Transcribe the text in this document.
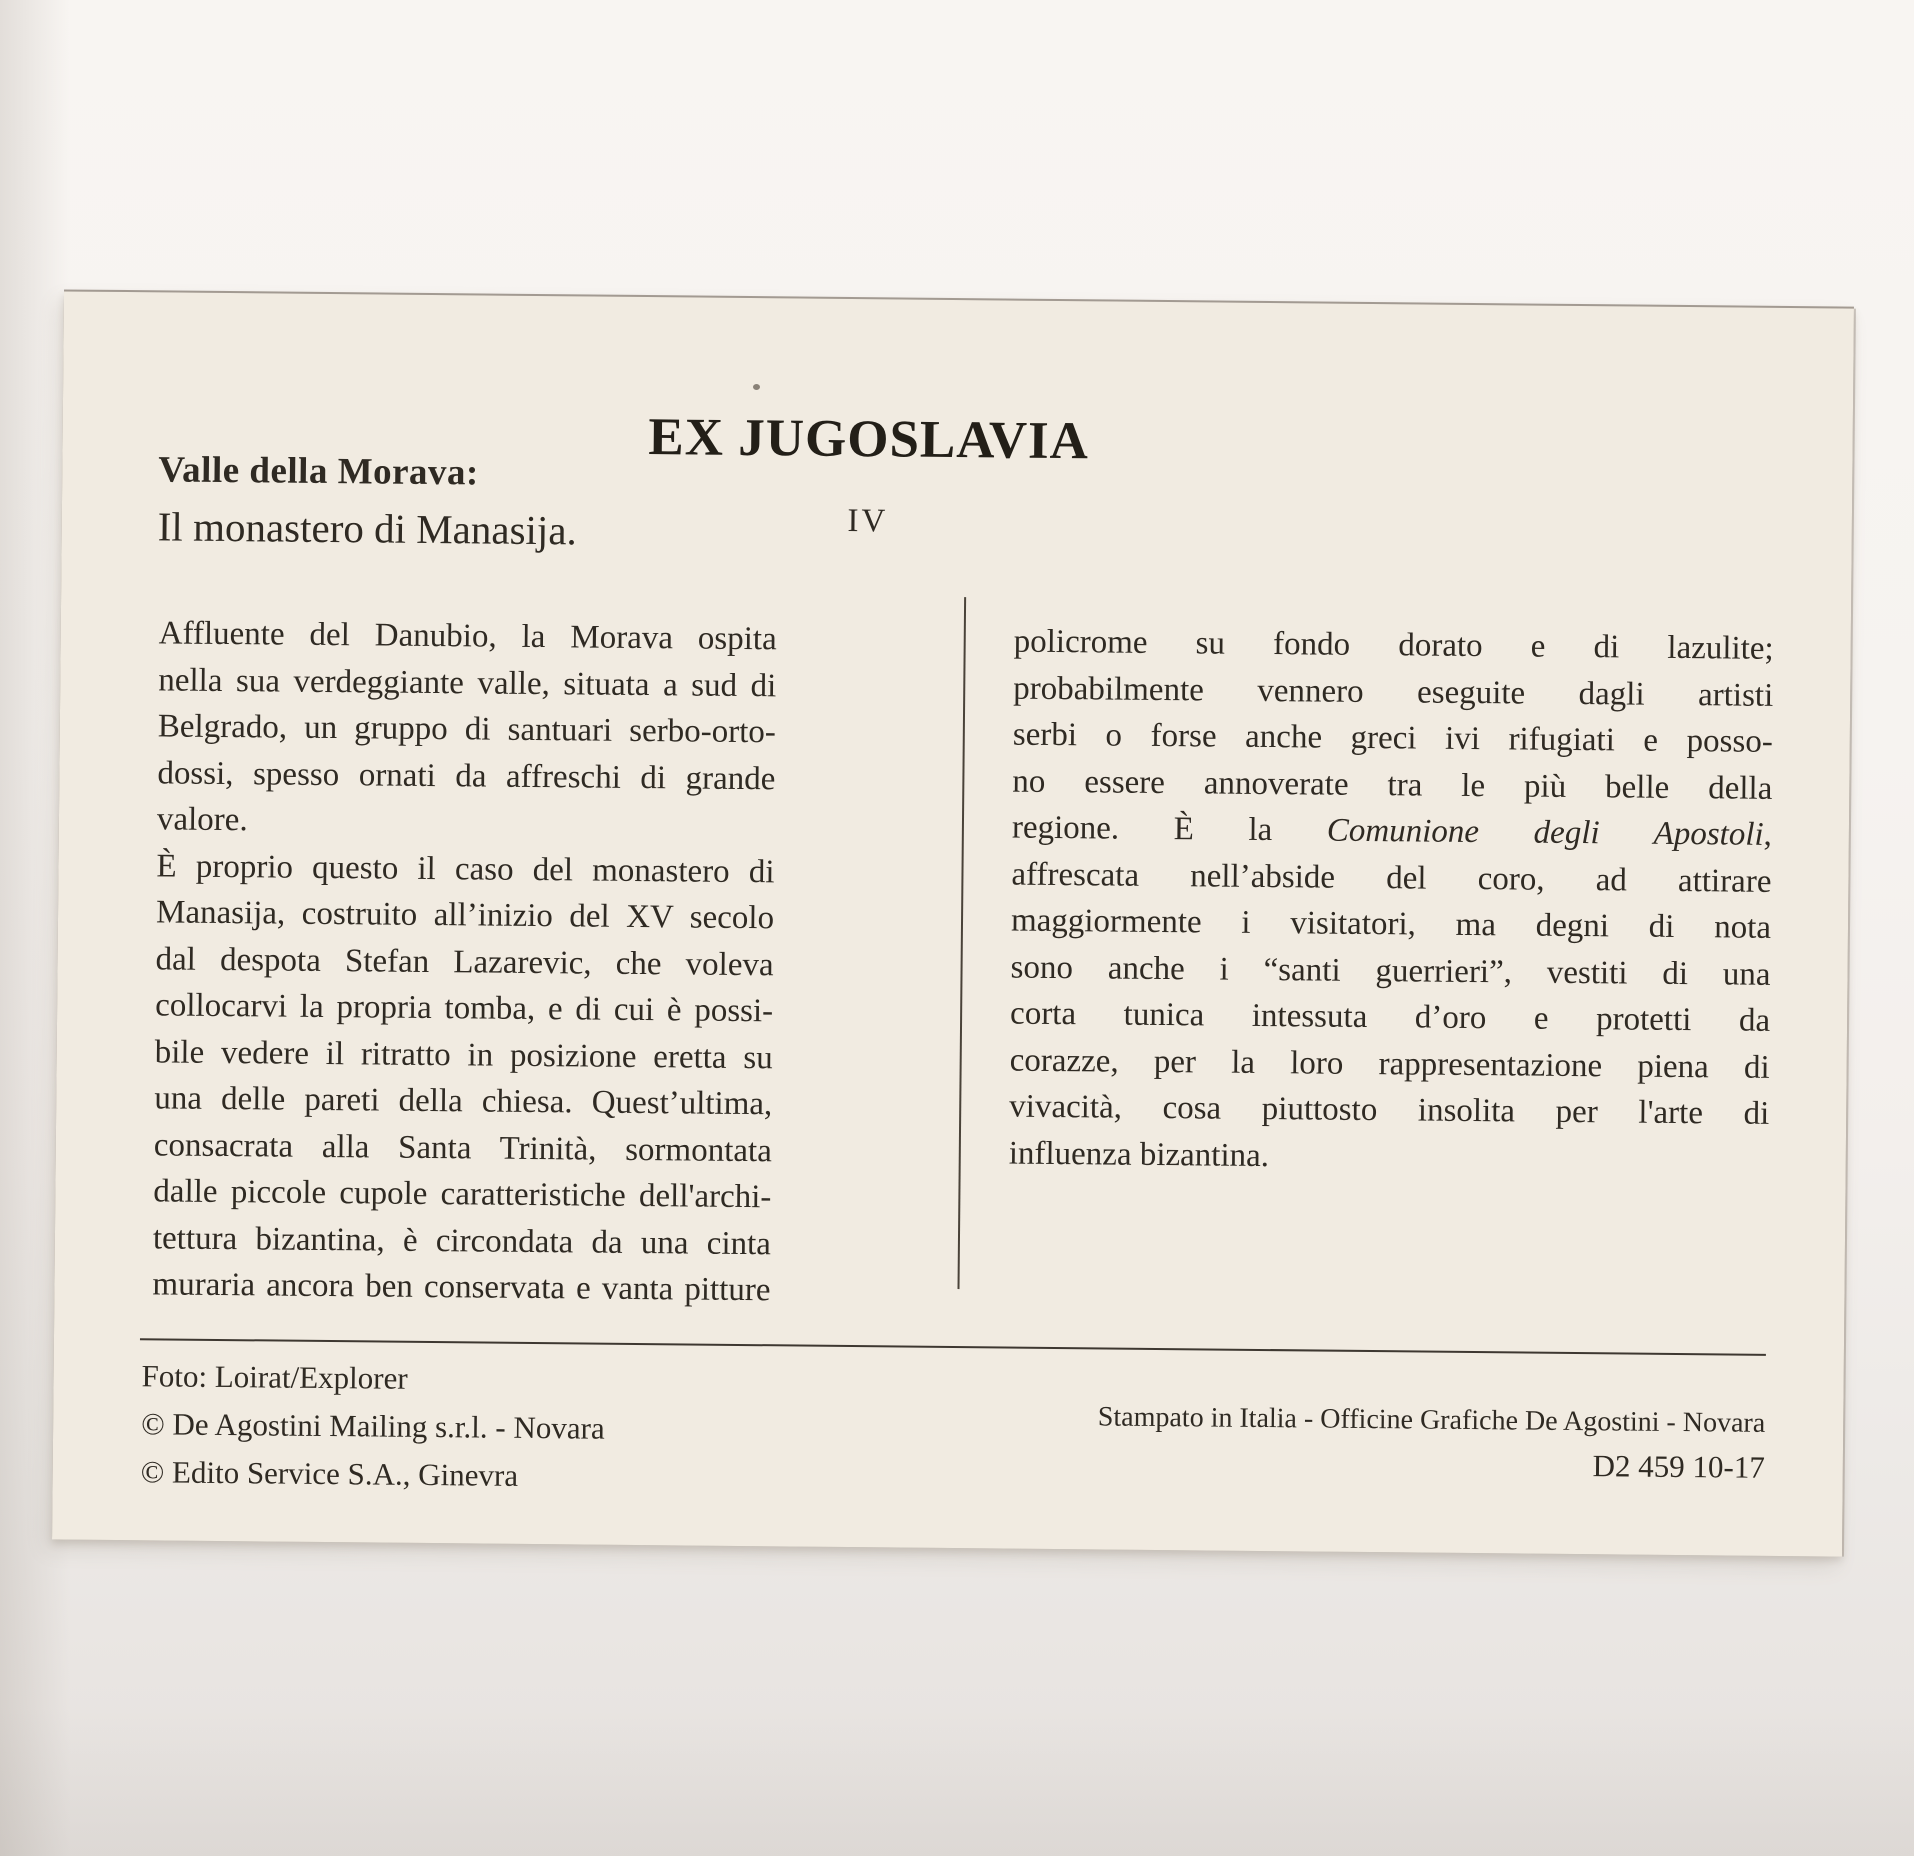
EX JUGOSLAVIA
Valle della Morava:
Il monastero di Manasija.	IV
Affluente del Danubio, la Morava ospita
nella sua verdeggiante valle, situata a sud di
Belgrado, un gruppo di santuari serbo-orto-
dossi, spesso ornati da affreschi di grande
valore.
È proprio questo il caso del monastero di
Manasija, costruito all’inizio del XV secolo
dal despota Stefan Lazarevic, che voleva
collocarvi la propria tomba, e di cui è possi-
bile vedere il ritratto in posizione eretta su
una delle pareti della chiesa. Quest’ultima,
consacrata alla Santa Trinità, sormontata
dalle piccole cupole caratteristiche dell'archi-
tettura bizantina, è circondata da una cinta
muraria ancora ben conservata e vanta pitture
policrome su fondo dorato e di lazulite;
probabilmente vennero eseguite dagli artisti
serbi o forse anche greci ivi rifugiati e posso-
no essere annoverate tra le più belle della
regione. È la Comunione degli Apostoli,
affrescata nell’abside del coro, ad attirare
maggiormente i visitatori, ma degni di nota
sono anche i “santi guerrieri”, vestiti di una
corta tunica intessuta d’oro e protetti da
corazze, per la loro rappresentazione piena di
vivacità, cosa piuttosto insolita per l'arte di
influenza bizantina.
Foto: Loirat/Explorer
© De Agostini Mailing s.r.l. - Novara
© Edito Service S.A., Ginevra
Stampato in Italia - Officine Grafiche De Agostini - Novara
D2 459 10-17
